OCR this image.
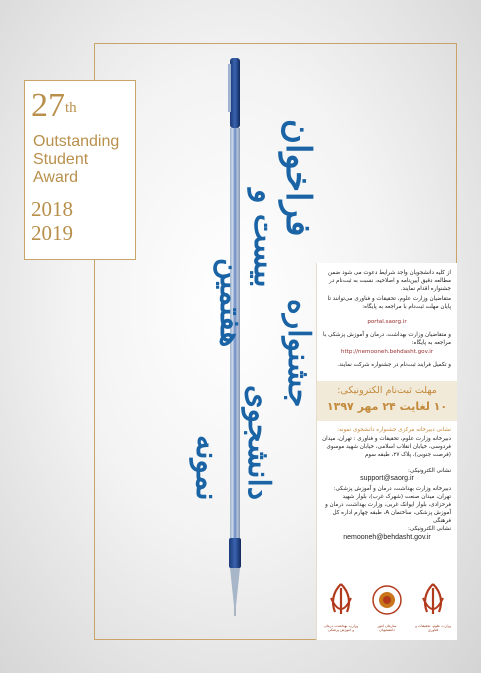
27th
Outstanding
Student
Award
2018
2019	فراخوان
بیست و
هفتمین جشنواره
دانشجوی
نمونه
از کلیه دانشجویان واجد شرایط دعوت می شود ضمن مطالعه دقیق آیین‌نامه و اصلاحیه، نسبت به ثبت‌نام در جشنواره اقدام نمایند.
متقاضیان وزارت علوم، تحقیقات و فناوری می‌توانند تا پایان مهلت ثبت‌نام با مراجعه به پایگاه:
portal.saorg.ir
و متقاضیان وزارت بهداشت، درمان و آموزش پزشکی با مراجعه به پایگاه:
http://nemooneh.behdasht.gov.ir
و تکمیل فرایند ثبت‌نام در جشنواره شرکت نمایند.
مهلت ثبت‌نام الکترونیکی:
۱۰ لغایت ۲۴ مهر ۱۳۹۷
نشانی دبیرخانه مرکزی جشنواره دانشجوی نمونه:
دبیرخانه وزارت علوم، تحقیقات و فناوری : تهران، میدان فردوسی، خیابان انقلاب اسلامی، خیابان شهید موسوی (فرصت جنوبی)، پلاک ۲۷، طبقه سوم
نشانی الکترونیکی:
support@saorg.ir
دبیرخانه وزارت بهداشت، درمان و آموزش پزشکی: تهران، میدان صنعت (شهرک غرب)، بلوار شهید فرحزادی، بلوار ایوانک غربی، وزارت بهداشت، درمان و آموزش پزشکی، ساختمان A، طبقه چهارم اداره کل فرهنگی
نشانی الکترونیکی:
nemooneh@behdasht.gov.ir
وزارت علوم، تحقیقات و فناوری
سازمان امور دانشجویان
وزارت بهداشت، درمان و آموزش پزشکی
